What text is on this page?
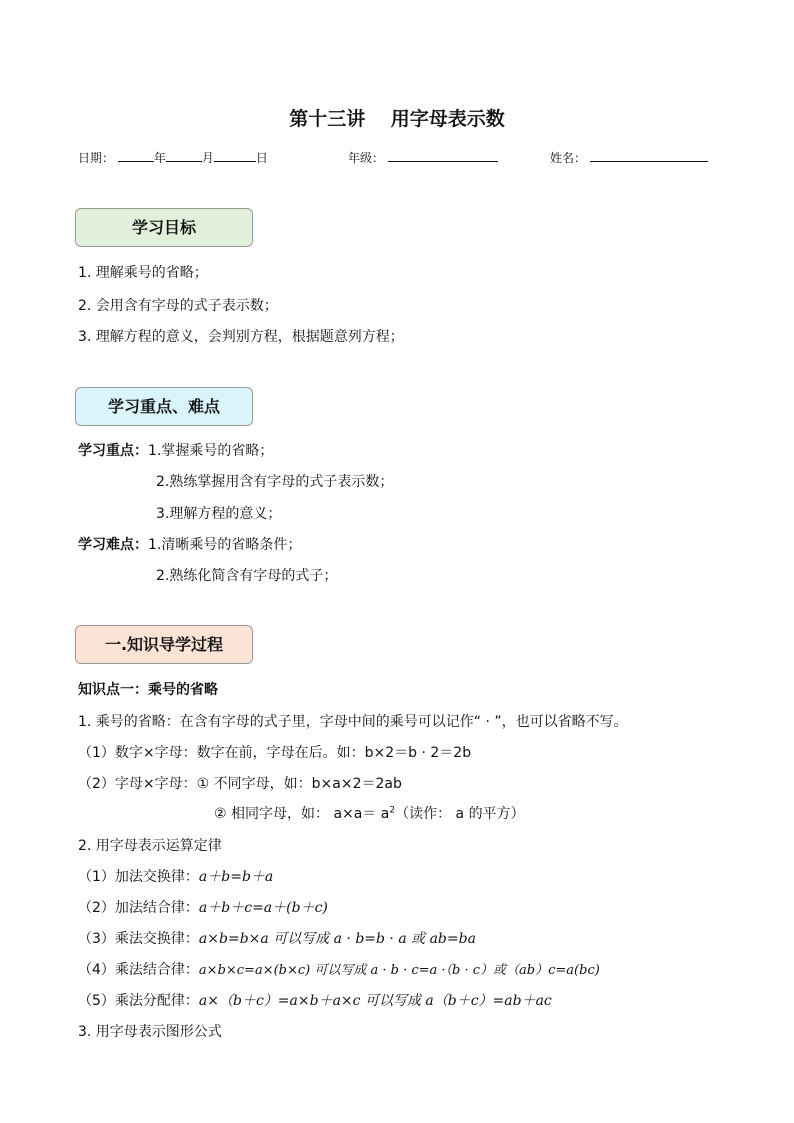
第十三讲　 用字母表示数
日期：	年	月	日	年级：	姓名：
学习目标
1. 理解乘号的省略；
2. 会用含有字母的式子表示数；
3. 理解方程的意义，会判别方程，根据题意列方程；
学习重点、难点
学习重点：1.掌握乘号的省略；
2.熟练掌握用含有字母的式子表示数；
3.理解方程的意义；
学习难点：1.清晰乘号的省略条件；
2.熟练化简含有字母的式子；
一.知识导学过程
知识点一：乘号的省略
1. 乘号的省略：在含有字母的式子里，字母中间的乘号可以记作“ · ”，也可以省略不写。
（1）数字×字母：数字在前，字母在后。如：b×2＝b · 2＝2b
（2）字母×字母：① 不同字母，如：b×a×2＝2ab
② 相同字母，如： $a\times a= a^2$（读作： a 的平方）
2. 用字母表示运算定律
（1）加法交换律：a＋b=b＋a
（2）加法结合律：a＋b＋c=a＋(b＋c)
（3）乘法交换律：a×b=b×a 可以写成 a · b=b · a 或 ab=ba
（4）乘法结合律：a×b×c=a×(b×c) 可以写成 a · b · c=a ·（b · c）或（ab）c=a(bc)
（5）乘法分配律：a×（b＋c）=a×b＋a×c 可以写成 a（b＋c）=ab＋ac
3. 用字母表示图形公式
